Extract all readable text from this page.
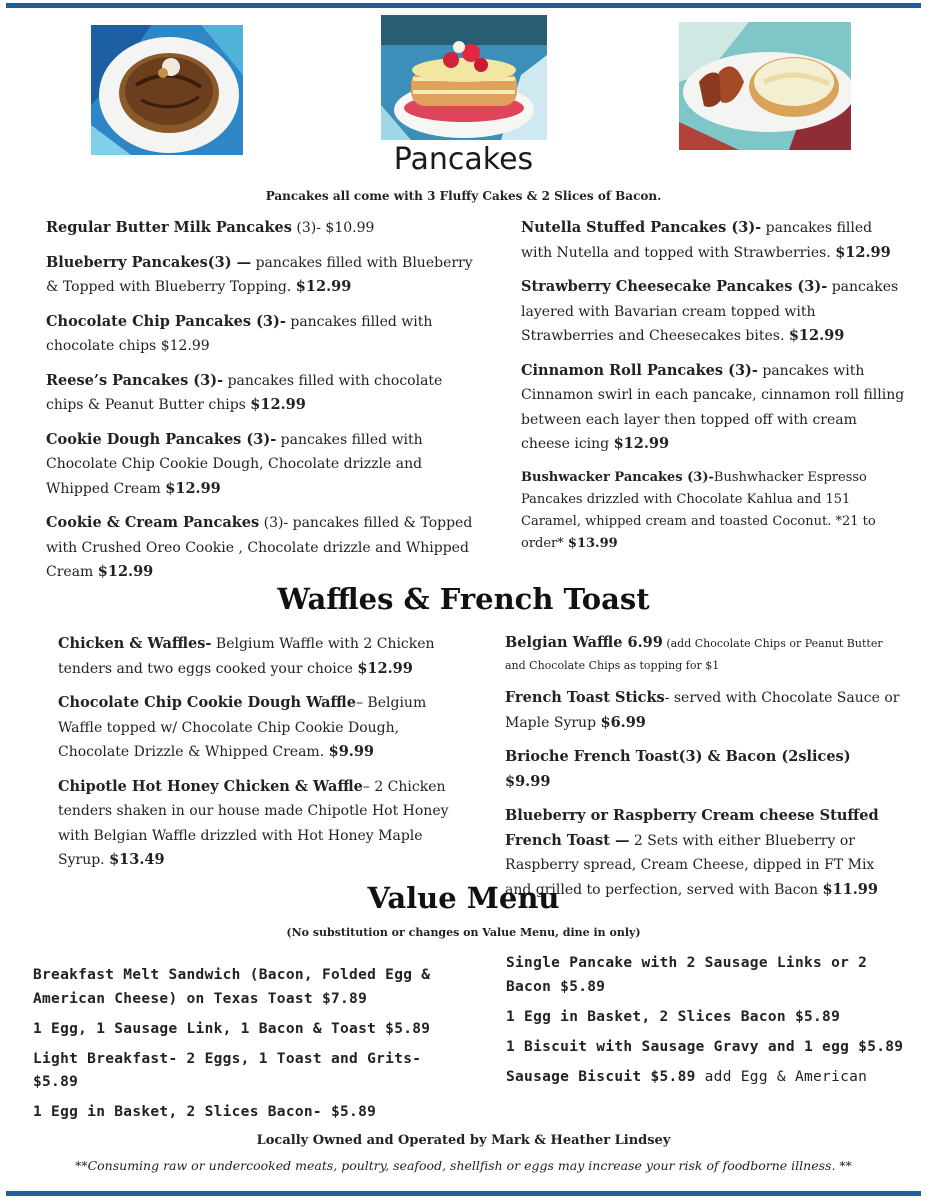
Pancakes
Pancakes all come with 3 Fluffy Cakes & 2 Slices of Bacon.
Regular Butter Milk Pancakes (3)- $10.99
Blueberry Pancakes(3) — pancakes filled with Blueberry & Topped with Blueberry Topping. $12.99
Chocolate Chip Pancakes (3)- pancakes filled with chocolate chips $12.99
Reese’s Pancakes (3)- pancakes filled with chocolate chips & Peanut Butter chips $12.99
Cookie Dough Pancakes (3)- pancakes filled with Chocolate Chip Cookie Dough, Chocolate drizzle and Whipped Cream $12.99
Cookie & Cream Pancakes (3)- pancakes filled & Topped with Crushed Oreo Cookie , Chocolate drizzle and Whipped Cream $12.99
Nutella Stuffed Pancakes (3)- pancakes filled with Nutella and topped with Strawberries. $12.99
Strawberry Cheesecake Pancakes (3)- pancakes layered with Bavarian cream topped with Strawberries and Cheesecakes bites. $12.99
Cinnamon Roll Pancakes (3)- pancakes with Cinnamon swirl in each pancake, cinnamon roll filling between each layer then topped off with cream cheese icing $12.99
Bushwacker Pancakes (3)-Bushwhacker Espresso Pancakes drizzled with Chocolate Kahlua and 151 Caramel, whipped cream and toasted Coconut. *21 to order* $13.99
Waffles & French Toast
Chicken & Waffles- Belgium Waffle with 2 Chicken tenders and two eggs cooked your choice $12.99
Chocolate Chip Cookie Dough Waffle– Belgium Waffle topped w/ Chocolate Chip Cookie Dough, Chocolate Drizzle & Whipped Cream. $9.99
Chipotle Hot Honey Chicken & Waffle– 2 Chicken tenders shaken in our house made Chipotle Hot Honey with Belgian Waffle drizzled with Hot Honey Maple Syrup. $13.49
Belgian Waffle 6.99 (add Chocolate Chips or Peanut Butter and Chocolate Chips as topping for $1
French Toast Sticks- served with Chocolate Sauce or Maple Syrup $6.99
Brioche French Toast(3) & Bacon (2slices) $9.99
Blueberry or Raspberry Cream cheese Stuffed French Toast — 2 Sets with either Blueberry or Raspberry spread, Cream Cheese, dipped in FT Mix and grilled to perfection, served with Bacon $11.99
Value Menu
(No substitution or changes on Value Menu, dine in only)
Breakfast Melt Sandwich (Bacon, Folded Egg & American Cheese) on Texas Toast $7.89
1 Egg, 1 Sausage Link, 1 Bacon & Toast $5.89
Light Breakfast- 2 Eggs, 1 Toast and Grits- $5.89
1 Egg in Basket, 2 Slices Bacon- $5.89
Single Pancake with 2 Sausage Links or 2 Bacon $5.89
1 Egg in Basket, 2 Slices Bacon $5.89
1 Biscuit with Sausage Gravy and 1 egg $5.89
Sausage Biscuit $5.89 add Egg & American
Locally Owned and Operated by Mark & Heather Lindsey
**Consuming raw or undercooked meats, poultry, seafood, shellfish or eggs may increase your risk of foodborne illness. **
